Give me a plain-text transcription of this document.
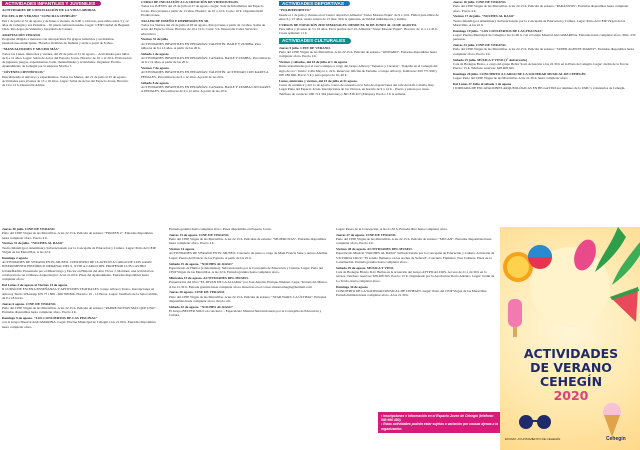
ACTIVIDADES INFANTILES Y JUVENILES

ACTIVIDADES DE CONCILIACIÓN DE LA VIDA LABORAL

ESCUELA DE VERANO "CONCILIA CEHEGÍN"
Del 1 de julio al 31 de agosto y de lunes a viernes, de 9.00 a 14 horas, para niños entre 3 y 12 años de Cehegín y sus Pedanías. - 45 plazas subvencionadas. Lugar: CEIP Ciudad de Begastri, CRA. Río Argos de Valentín y Guardería de Canara.

ADAPTACIÓN VERANO
Programa dirigido a menores con discapacidad. En grupos reducidos y en distintas instalaciones municipales. Horarios flexibles de mañana y tarde a partir de 6 años.

"MANUALIDADES Y MUCHO MÁS"
Todos los Lunes, miércoles y viernes, del 29 de julio al 31 de agosto. - Actividades para niños de 6 a 12 años. Lugar: Salón de Actos del Espacio Joven. Horario: de 10 a 11.30 h. Elaboración de juguetes, juegos, experimentos, baile, manualidades y actividades. Organiza: Excmo. Ayuntamiento de Cehegín por la empresa Motiva 7.

"JÓVENES CIENTÍFICOS"
Descubriendo el universo y experimentos. Todos los Martes, del 21 de julio al 25 de agosto. Actividades para jóvenes de 13 a 16 años. Lugar: Salón de Actos del Espacio Joven. Horario: de 10 a 12 h. Desarrolla Admor.

CURSO DE INICIACIÓN A LA CREACIÓN DE VIDEOJUEGOS.
Todos los JUEVES del 23 de julio al 27 de agosto. Lugar: Sala de Informática del Espacio Joven. Para jóvenes a partir de 13 años. Horario: de 10 a 12 h. Coste: 10 €. Organiza Indil Producciones.

TALLER DE DISEÑO E IMPRESIÓN EN 3D.
Todos los Viernes del 24 de julio al 28 de agosto. Para jóvenes a partir de 14 años. Salón de actos del Espacio Joven. Horario: de 10 a 12 h. Coste: 5 €. Desarrolla Cabra Servicios educativos.

Viernes 31 de julio
ACTIVIDADES INFANTILES EN PEDANÍAS: VALENTÍN. BAILE Y ZUMBA. Para niños/as de 6 a 12 años. A partir de las 20 h.

Sábado 1 de agosto
ACTIVIDADES INFANTILES EN PEDANÍAS: CANARA. BAILE Y ZUMBA. Para niños/as de 6 a 12 años. A partir de las 20 h.

Viernes 7 de agosto
ACTIVIDADES INFANTILES EN PEDANÍAS: VALENTÍN. ACTIVIDAD CON KARTS A PEDALES. Para niños/as de 6 a 12 años. A partir de las 20 h.

Sábado 8 de agosto
ACTIVIDADES INFANTILES EN PEDANÍAS: CANARA. BAILE Y ZUMBA CON KARTS A PEDALES. Para niños/as de 6 a 12 años. A partir de las 20 h.

ACTIVIDADES DEPORTIVAS

"POLIDEPORTIVO"
Desde el 1 de julio y viernes en el Centro deportivo Almarial "Javier Moreno Espín" de 9 a 14 h. Fútbol para niños de entre 6 y 15 años, cuatro turnos de 15 días: 30 € la quincena. Actividad multideporte y zumba.

CURSOS DE NATACIÓN 2020 SEMANALES. DESDE EL 30 DE JUNIO AL 14 DE AGOSTO.
Para niños y jóvenes de 3 a 16 años. En la piscina de C.D. Almarial "Javier Moreno Espín". Horario: de 11 a 11.45 h. Cuota semanal: 11 €.

ACTIVIDADES CULTURALES

Jueves 9 julio. CINE DE VERANO.
Patio del CEIP Virgen de las Maravillas. A las 22.15 h. Película de estreno: "ONWARD". Entradas disponibles hasta completar aforo. Precio 4 €.

Viernes y sábados, del 10 de julio al 1 de agosto
Rutas teatralizadas por el casco antiguo a cargo del Grupo Alboroy "Tajuelos y Carretas". Tragedia en el Cehegín del siglo de oro". Inicio: Calle Mayor 1, 22 h. Reservas: Oficina de Turismo o Grupo Alboroy. Teléfonos: 659 771 999 y 605 186 666. Precio 5 € y para grupos de 10, 40 €.

Lunes, miércoles y viernes, del 15 de julio al 31 agosto.
Curso de cerámica y del 11 de agosto. Curso de acuarela en la Sala de exposiciones del café del Alfi. Cabella. Rey. Lugar Patio del Espacio Joven. Inscripciones de los Viveros, en horario de 9 a 14 h. - Precio y plazas por curso. Teléfono de contacto: 660 712 394 (Antonio) y 861 818 427 (Enrique). Precio: 3 € la semana.

Jueves 16 julio. CINE DE VERANO.
Patio del CEIP Virgen de las Maravillas. A las 22.15 h. Película de estreno: "PARÁSITOS". Entradas disponibles hasta completar aforo. Precio 4 €.

Viernes 17 de julio. "NOCHES AL RASO"
Teatro Infantil (por determinar). Subvencionado por la Concejalía de Educación y Cultura. Lugar: Patio del CEIP Virgen de las Maravillas. A las 22 h.

Domingo 19 julio. "LOS CONCIERTOS DE LAS PISCINAS"
Lugar: Piscina Municipal de Cehegín a las 21.00 h. con el Grupo Musical AGUAMARINA. Entradas hasta completar aforo. Máx. 250 personas.

Jueves 23 julio. CINE DE VERANO.
Patio del CEIP Virgen de las Maravillas. A las 22.15 h. Película de estreno: "SUPER AGENTE MAKEY". Entradas disponibles hasta completar aforo. Precio 4 €.

Sábado 25 julio. MÚSICA Y VINO (1º Aniversario)
Cata de Bodegas Bravo, a cargo del grupo Bellor Soul. Actuación a las 22.30 h en la Plaza de Cehegín. Lugar: Jardín de la Tercia. Precio: 15 €. Teléfono reservas: 628 408 565.

Domingo 26 julio. CONCIERTO A CARGO DE LA SOCIEDAD MUSICAL DE CEHEGÍN.
Lugar: Patio del CEIP Virgen de las Maravillas. A las 21.30 h. hasta completar aforo.

Del Lunes 27 Julio al sábado 1 de agosto
I JORNADA DE EXCAVACIONES ARQUEOLÓGICAS EN BE-GASTRI por alumnos de la UMU y voluntarios de Cehegín.

Jueves 30 julio. CINE DE VERANO.
Patio del CEIP Virgen de las Maravillas. A las 22.15 h. Película de estreno: "FROZEN 2". Entradas disponibles hasta completar aforo. Precio 4 €.

Viernes 31 de julio. "NOCHES AL RASO"
Teatro Infantil (por determinar). Subvencionado por la Concejalía de Educación y Cultura. Lugar: Patio del CEIP Virgen de las Maravillas. A las 22 h.

Domingo 2 agosto
ACTIVIDADES DE VERANO EN EL MUSEO. CONCIERTO DE CLAVECÍN A CARGO DE LUIS GRAN INSTRUMENTO HISTÓRICO ORIGINAL DEL S. XVIII A CARGO DEL PROFESOR LUIS CASTRO GUARDADO. Presentado por el Musicólogo y Doctor en Historia del Arte Víctor J. Martínez, una actividad en colaboración con el Museo Arqueológico. A las 21.00 h. Plaza del Ayuntamiento. Entradas disponibles hasta completar aforo.

Del Lunes 3 de agosto al Viernes 14 de agosto
II CURSO DE ESCENA ENSEÑANZA Y APTITUDES TEATRALES. Grupo Alboroy Teatro. Inscripciones en Alboroy Teatro Whatsapp 679 771 869 - 666 598 866. Horario: 10 - 13 Horas. Lugar: Vestíbulo de la Sala Cabildo, de 9 a 18 horas.

Jueves 6 agosto. CINE DE VERANO.
Patio del CEIP Virgen de las Maravillas. A las 22.15 h. Película de estreno: "PADRE NO HAY MÁS QUE UNO". Entradas disponibles hasta completar aforo. Precio 4 €.

Domingo 9 de agosto. "LOS CONCIERTOS DE LAS PISCINAS"
con el Grupo Musical AGUAMARINA. Lugar: Piscina Municipal de Cehegín a las 21.00 h. Entradas disponibles hasta completar aforo.

Entrada gratuita hasta completar aforo. Pases disponibles en Espacio Joven.

Jueves 13 de agosto. CINE DE VERANO.
Patio del CEIP Virgen de las Maravillas. A las 22.15 h. Películas de estreno: "MUJERCITAS". Entradas disponibles hasta completar aforo. Precio 4 €.

Viernes 14 agosto
ACTIVIDADES DE VERANO EN EL MUSEO. Concierto de piano a cargo de Maní Francis Sanz y Arturo Abellán. Lugar: Puerta del Palacio de los Fajardo. A partir de las 22 h.

Sábado 15 de agosto. "NOCHES AL RASO"
Espectáculo de Humor (a determinar). Subvencionado por la Concejalía de Educación y Cultura. Lugar: Patio del CEIP Virgen de las Maravillas. A las 22 h. Entrada gratuita hasta completar aforo.

Miércoles 19 de agosto. ACTIVIDADES DEL MUSEO.
Presentación del libro "EL DIVAN DE LA ALJAMA" por José Antonio Enrique Jiménez. Lugar: Terraza del Museo. A las 21.30 h. Entrada gratuita hasta completar aforo. Reservas en el correo museocehegin@hotmail.com

Jueves 20 agosto. CINE DE VERANO.
Patio del CEIP Virgen de las Maravillas. A las 22.15 h. Película de estreno: "STAR WARS. LA ÚLTIMA". Entradas disponibles hasta completar aforo. Precio 4 €.

Sábado 22 de agosto. "NOCHES AL RASO"
El Grupo BELTER SOUL en concierto. - Espectáculo Musical Subvencionado por la Concejalía de Educación y Cultura.

Lugar: Paseo de la Concepción. A las 21.30 h. Entrada libre hasta completar aforo.

Jueves 27 de agosto. CINE DE VERANO.
Patio del CEIP Virgen de las Maravillas. A las 22.15 h. Película de estreno: "MULAN". Entradas disponibles hasta completar aforo. Precio 4 €.

Viernes 28 de agosto. ACTIVIDADES DEL MUSEO.
Espectáculo Musical "NOCHES AL RASO" Subvencionado por la Concejalía de Educación y Cultura. Actuación de VICTORIA CRUZ: "El sonido flamenco en las noches de Sefarad". Concierto Flamenco Tres Culturas. Plaza de la Constitución. Entrada gratuita hasta completar aforo.

Sábado 29 de agosto. MÚSICA Y VINO.
Cata de Bodegas Bravío D.O. Bullas en la actuación del Grupo ATYPICAL DOS. Acceso de 21 a 22.30 h en la terraza. Teléfono reservas: 628 408 565. Precio: 15 €. Organizado por la Asociación Tierra Adentro. Lugar: Jardín de La Tercia, hasta completar aforo.

Domingo 30 de agosto
CONCIERTO DE LA SOCIEDAD MUSICAL DE CEHEGÍN. Lugar: Patio del CEIP Virgen de las Maravillas. Entrada limitada hasta completar aforo. A las 21.30 h.

• Inscripciones e información en el Espacio Joven de Cehegín (teléfono: 968 950 430).
• Estas actividades podrán estar sujetas a variación por causas ajenas a la organización.
ACTIVIDADES
DE VERANO
CEHEGÍN
2020
EXCMO. AYUNTAMIENTO DE CEHEGÍN	Cehegín
